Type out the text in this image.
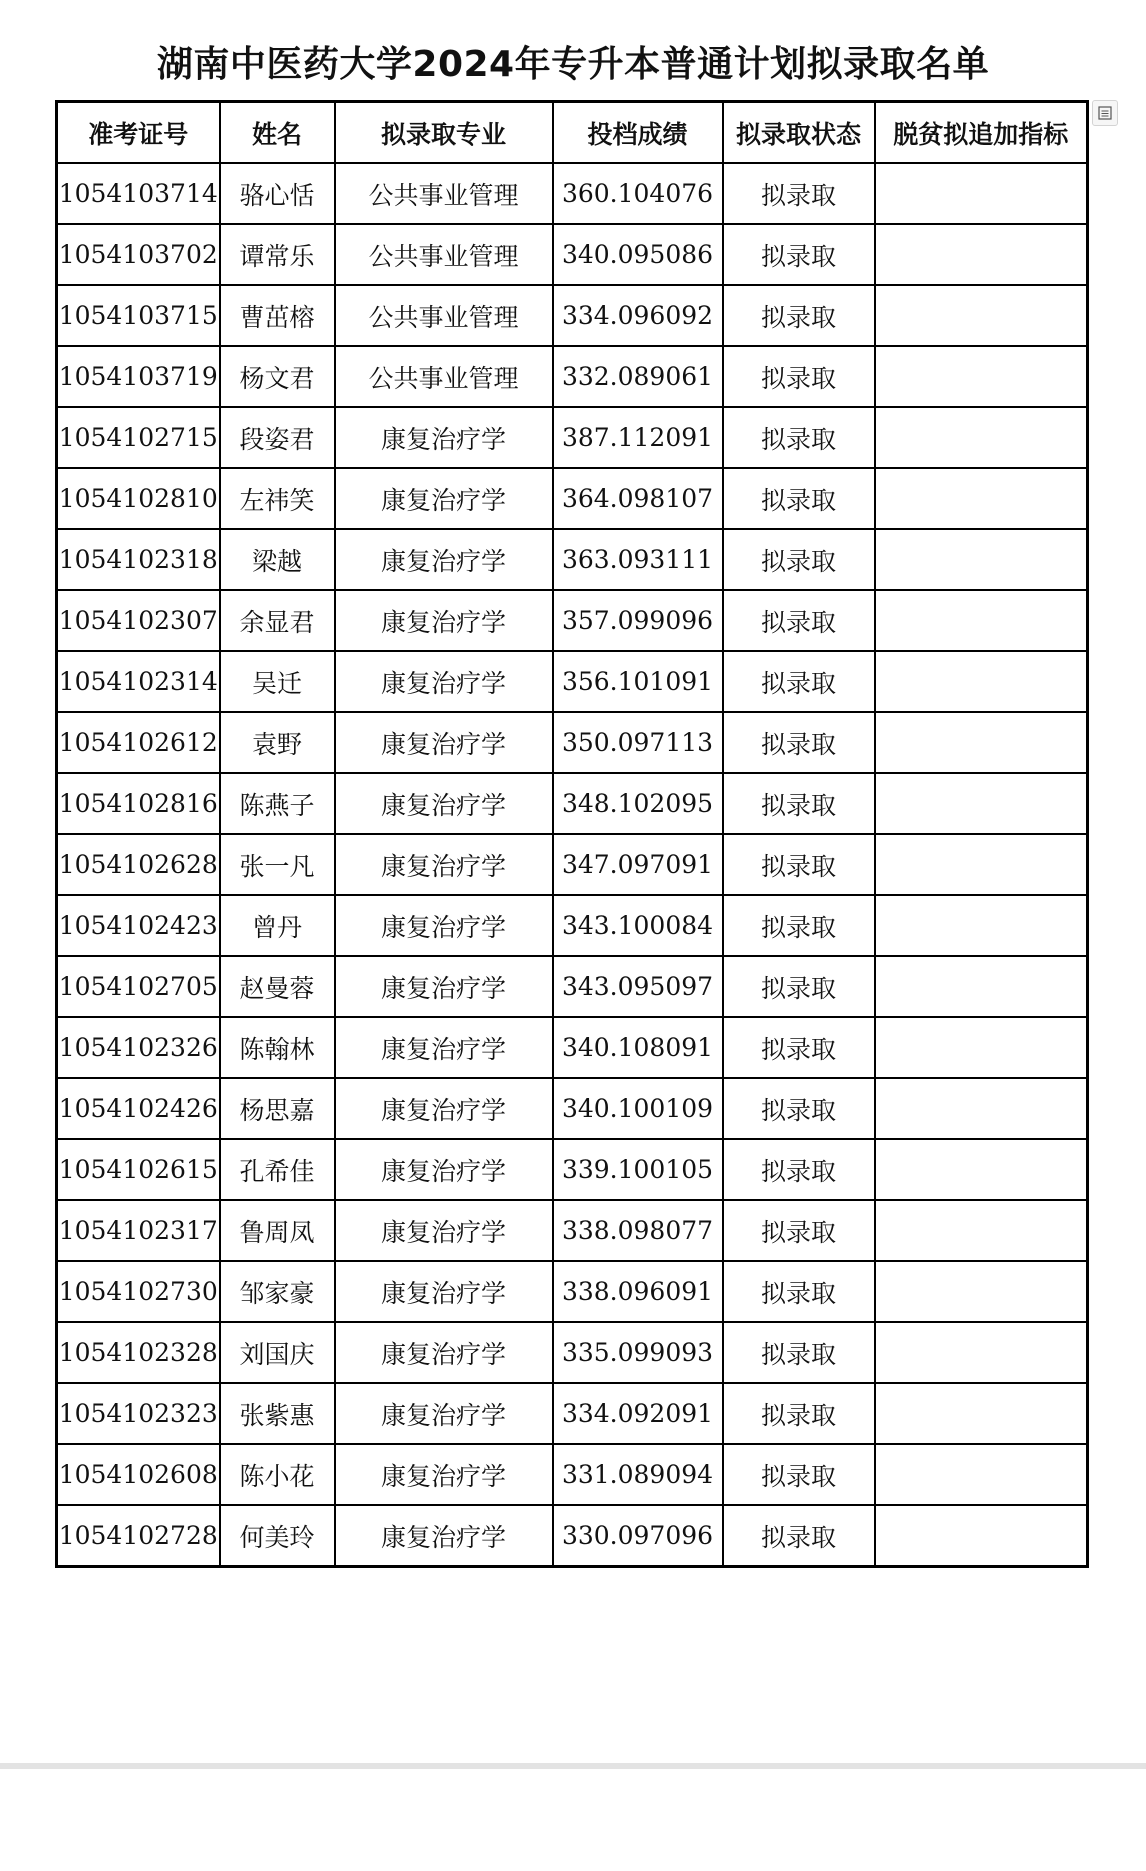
湖南中医药大学2024年专升本普通计划拟录取名单
准考证号	姓名	拟录取专业	投档成绩	拟录取状态	脱贫拟追加指标
1054103714	骆心恬	公共事业管理	360.104076	拟录取	
1054103702	谭常乐	公共事业管理	340.095086	拟录取	
1054103715	曹茁榕	公共事业管理	334.096092	拟录取	
1054103719	杨文君	公共事业管理	332.089061	拟录取	
1054102715	段姿君	康复治疗学	387.112091	拟录取	
1054102810	左祎笑	康复治疗学	364.098107	拟录取	
1054102318	梁越	康复治疗学	363.093111	拟录取	
1054102307	余显君	康复治疗学	357.099096	拟录取	
1054102314	吴迁	康复治疗学	356.101091	拟录取	
1054102612	袁野	康复治疗学	350.097113	拟录取	
1054102816	陈燕子	康复治疗学	348.102095	拟录取	
1054102628	张一凡	康复治疗学	347.097091	拟录取	
1054102423	曾丹	康复治疗学	343.100084	拟录取	
1054102705	赵曼蓉	康复治疗学	343.095097	拟录取	
1054102326	陈翰林	康复治疗学	340.108091	拟录取	
1054102426	杨思嘉	康复治疗学	340.100109	拟录取	
1054102615	孔希佳	康复治疗学	339.100105	拟录取	
1054102317	鲁周凤	康复治疗学	338.098077	拟录取	
1054102730	邹家豪	康复治疗学	338.096091	拟录取	
1054102328	刘国庆	康复治疗学	335.099093	拟录取	
1054102323	张紫惠	康复治疗学	334.092091	拟录取	
1054102608	陈小花	康复治疗学	331.089094	拟录取	
1054102728	何美玲	康复治疗学	330.097096	拟录取	
